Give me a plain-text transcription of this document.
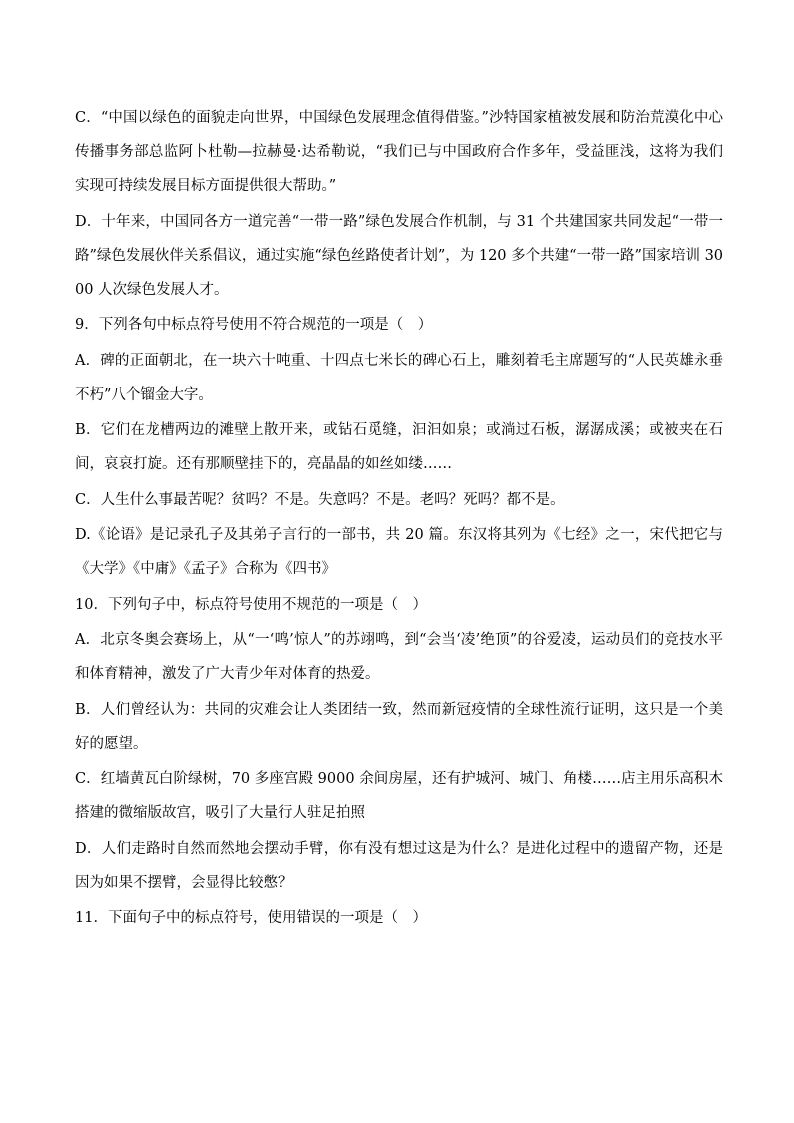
C．“中国以绿色的面貌走向世界，中国绿色发展理念值得借鉴。”沙特国家植被发展和防治荒漠化中心传播事务部总监阿卜杜勒—拉赫曼·达希勒说，“我们已与中国政府合作多年，受益匪浅，这将为我们实现可持续发展目标方面提供很大帮助。”

D．十年来，中国同各方一道完善“一带一路”绿色发展合作机制，与 31 个共建国家共同发起“一带一路”绿色发展伙伴关系倡议，通过实施“绿色丝路使者计划”，为 120 多个共建“一带一路”国家培训 3000 人次绿色发展人才。

9．下列各句中标点符号使用不符合规范的一项是（　）

A．碑的正面朝北，在一块六十吨重、十四点七米长的碑心石上，雕刻着毛主席题写的“人民英雄永垂不朽”八个镏金大字。

B．它们在龙槽两边的滩壁上散开来，或钻石觅缝，汩汩如泉；或淌过石板，潺潺成溪；或被夹在石间，哀哀打旋。还有那顺壁挂下的，亮晶晶的如丝如缕……

C．人生什么事最苦呢？贫吗？不是。失意吗？不是。老吗？死吗？都不是。

D.《论语》是记录孔子及其弟子言行的一部书，共 20 篇。东汉将其列为《七经》之一，宋代把它与《大学》《中庸》《孟子》合称为《四书》

10．下列句子中，标点符号使用不规范的一项是（　）

A．北京冬奥会赛场上，从“一‘鸣’惊人”的苏翊鸣，到“会当‘凌’绝顶”的谷爱凌，运动员们的竞技水平和体育精神，激发了广大青少年对体育的热爱。

B．人们曾经认为：共同的灾难会让人类团结一致，然而新冠疫情的全球性流行证明，这只是一个美好的愿望。

C．红墙黄瓦白阶绿树，70 多座宫殿 9000 余间房屋，还有护城河、城门、角楼……店主用乐高积木搭建的微缩版故宫，吸引了大量行人驻足拍照

D．人们走路时自然而然地会摆动手臂，你有没有想过这是为什么？是进化过程中的遗留产物，还是因为如果不摆臂，会显得比较憋？

11．下面句子中的标点符号，使用错误的一项是（　）
